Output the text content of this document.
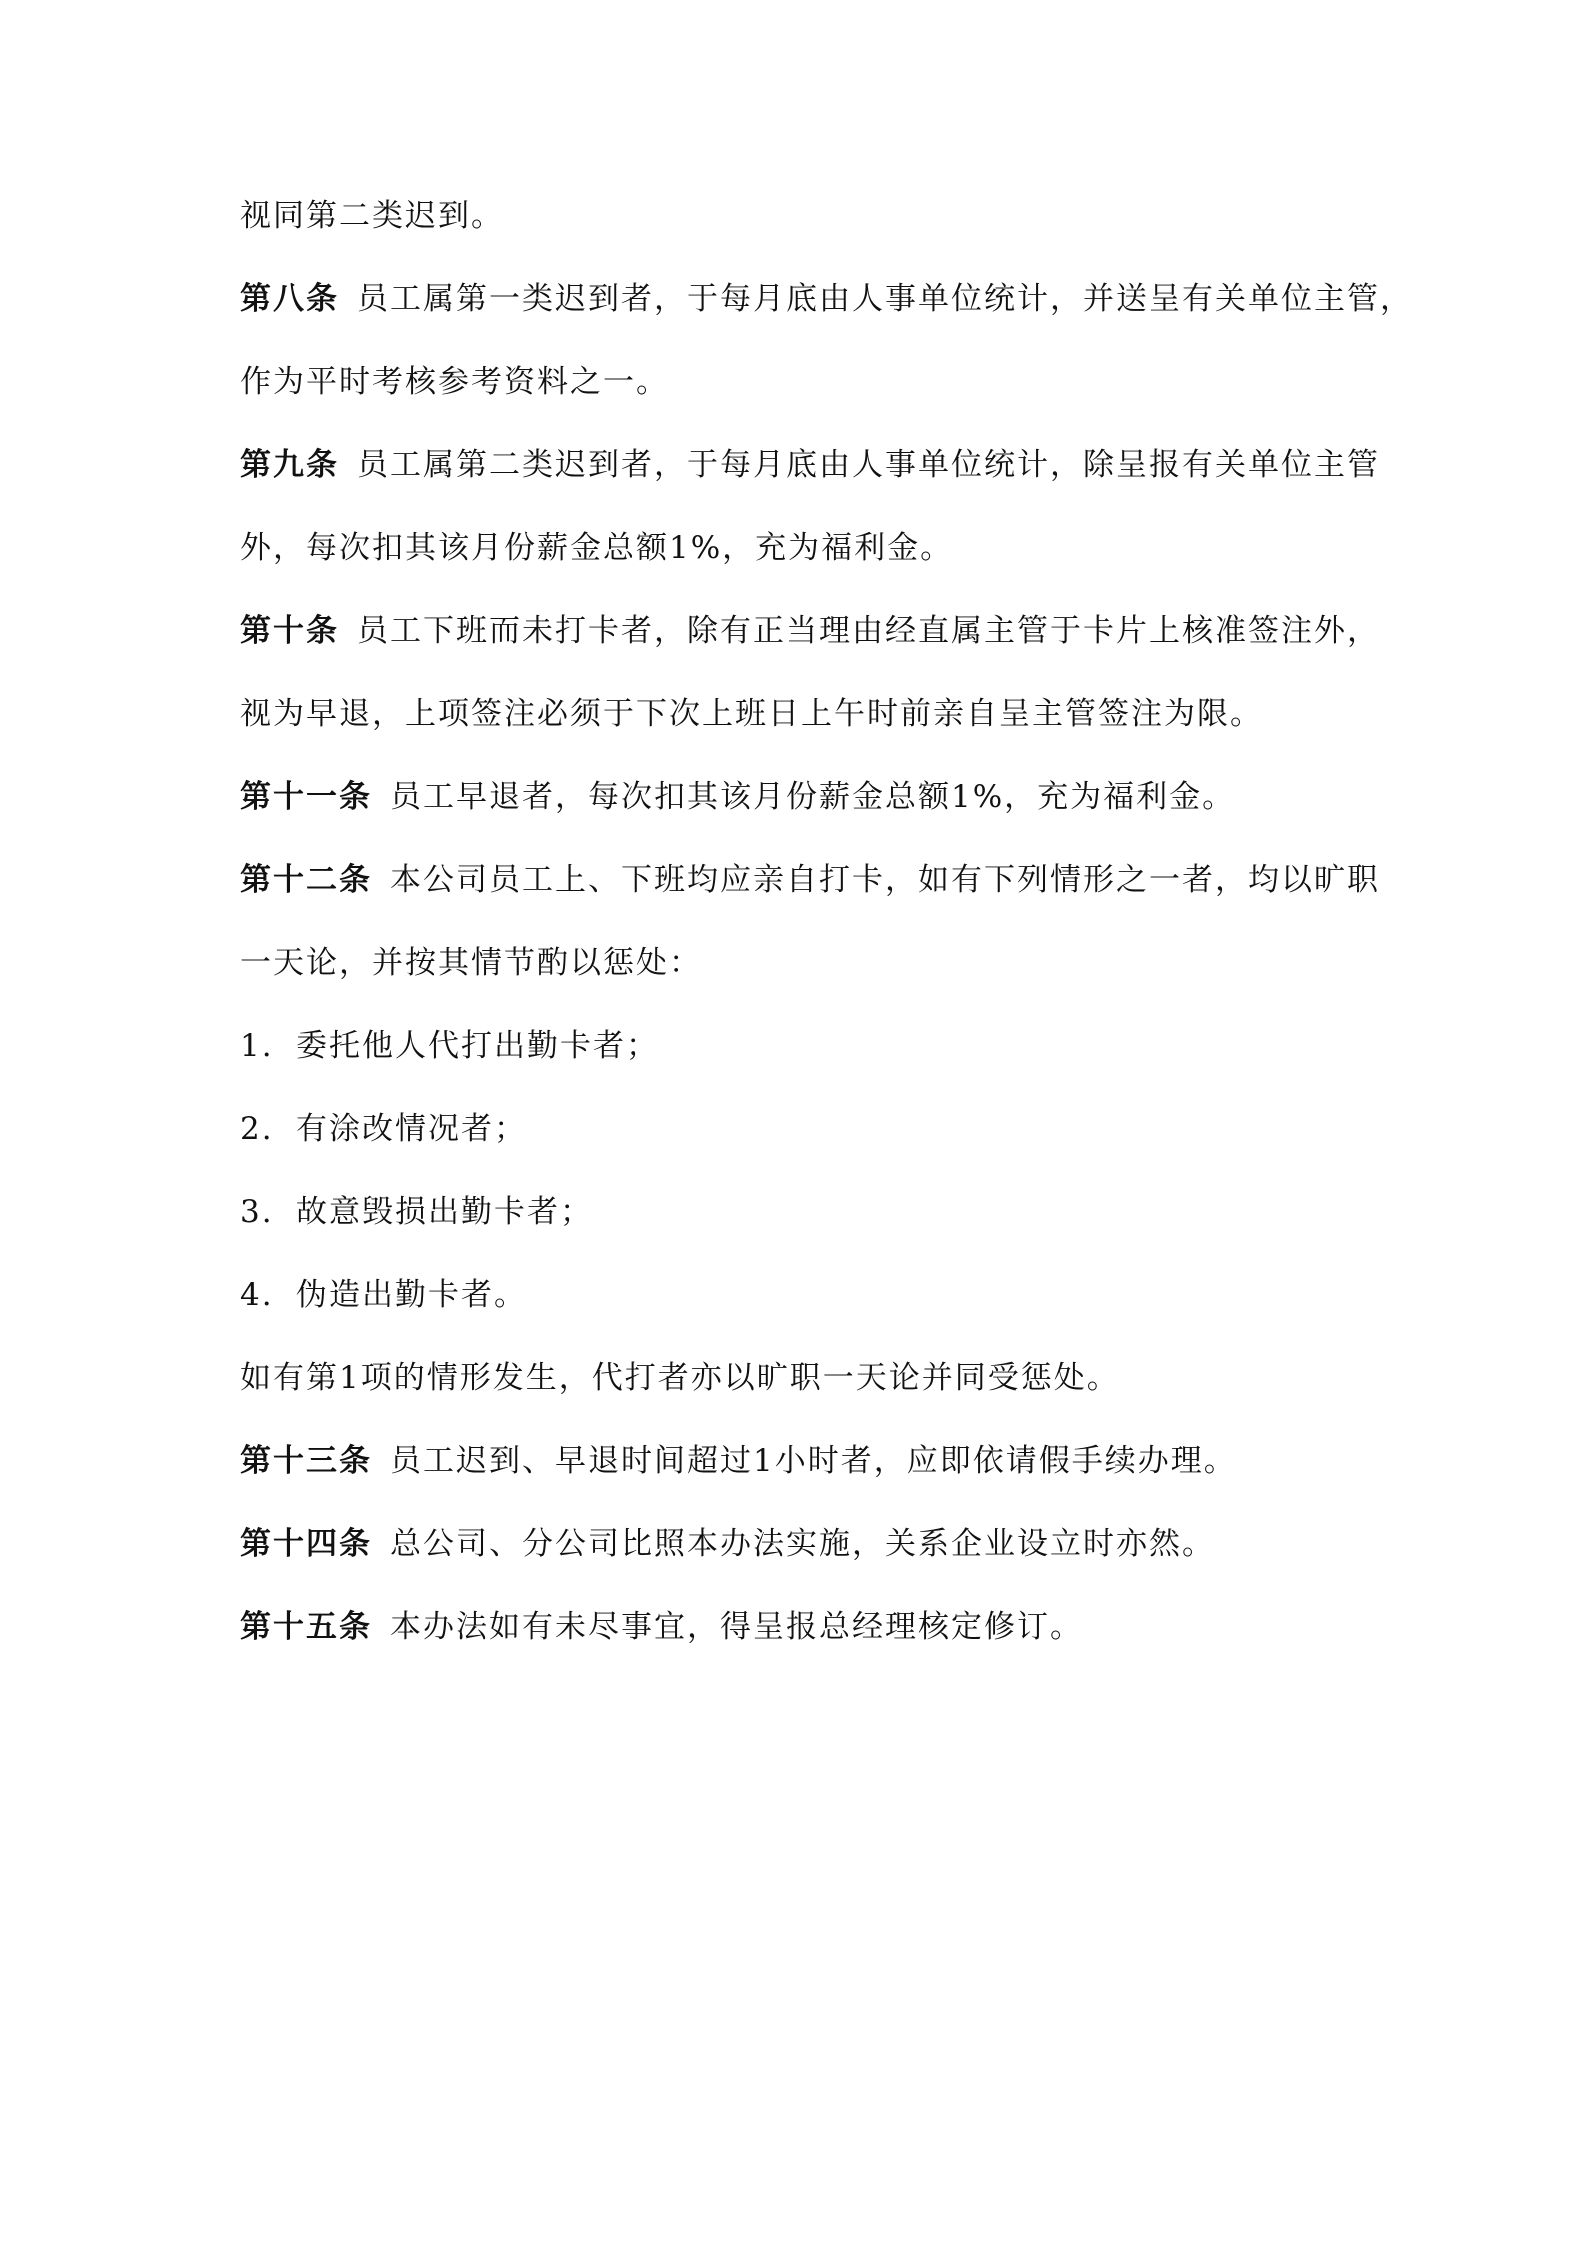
视同第二类迟到。
第八条 员工属第一类迟到者，于每月底由人事单位统计，并送呈有关单位主管，
作为平时考核参考资料之一。
第九条 员工属第二类迟到者，于每月底由人事单位统计，除呈报有关单位主管
外，每次扣其该月份薪金总额1%，充为福利金。
第十条 员工下班而未打卡者，除有正当理由经直属主管于卡片上核准签注外，
视为早退，上项签注必须于下次上班日上午时前亲自呈主管签注为限。
第十一条 员工早退者，每次扣其该月份薪金总额1%，充为福利金。
第十二条 本公司员工上、下班均应亲自打卡，如有下列情形之一者，均以旷职
一天论，并按其情节酌以惩处：
1. 委托他人代打出勤卡者；
2. 有涂改情况者；
3. 故意毁损出勤卡者；
4. 伪造出勤卡者。
如有第1项的情形发生，代打者亦以旷职一天论并同受惩处。
第十三条 员工迟到、早退时间超过1小时者，应即依请假手续办理。
第十四条 总公司、分公司比照本办法实施，关系企业设立时亦然。
第十五条 本办法如有未尽事宜，得呈报总经理核定修订。
